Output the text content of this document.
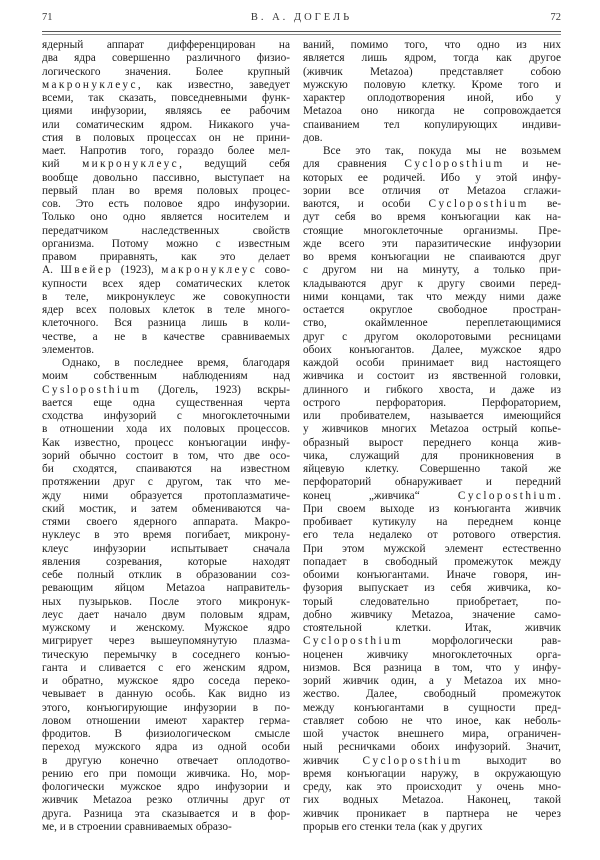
71	В. А. ДОГЕЛЬ	72
ядерный аппарат дифференцирован на
два ядра совершенно различного физио-
логического значения. Более крупный
макронуклеус, как известно, заведует
всеми, так сказать, повседневными функ-
циями инфузории, являясь ее рабочим
или соматическим ядром. Никакого уча-
стия в половых процессах он не прини-
мает. Напротив того, гораздо более мел-
кий микронуклеус, ведущий себя
вообще довольно пассивно, выступает на
первый план во время половых процес-
сов. Это есть половое ядро инфузории.
Только оно одно является носителем и
передатчиком наследственных свойств
организма. Потому можно с известным
правом приравнять, как это делает
А. Швейер (1923), макронуклеус сово-
купности всех ядер соматических клеток
в теле, микронуклеус же совокупности
ядер всех половых клеток в теле много-
клеточного. Вся разница лишь в коли-
честве, а не в качестве сравниваемых
элементов.
Однако, в последнее время, благодаря
моим собственным наблюдениям над
Cysloposthium (Догель, 1923) вскры-
вается еще одна существенная черта
сходства инфузорий с многоклеточными
в отношении хода их половых процессов.
Как известно, процесс конъюгации инфу-
зорий обычно состоит в том, что две осо-
би сходятся, спаиваются на известном
протяжении друг с другом, так что ме-
жду ними образуется протоплазматиче-
ский мостик, и затем обмениваются ча-
стями своего ядерного аппарата. Макро-
нуклеус в это время погибает, микрону-
клеус инфузории испытывает сначала
явления созревания, которые находят
себе полный отклик в образовании соз-
ревающим яйцом Metazoa направитель-
ных пузырьков. После этого микронук-
леус дает начало двум половым ядрам,
мужскому и женскому. Мужское ядро
мигрирует через вышеупомянутую плазма-
тическую перемычку в соседнего конъю-
ганта и сливается с его женским ядром,
и обратно, мужское ядро соседа переко-
чевывает в данную особь. Как видно из
этого, конъюгирующие инфузории в по-
ловом отношении имеют характер герма-
фродитов. В физиологическом смысле
переход мужского ядра из одной особи
в другую конечно отвечает оплодотво-
рению его при помощи живчика. Но, мор-
фологически мужское ядро инфузории и
живчик Metazoa резко отличны друг от
друга. Разница эта сказывается и в фор-
ме, и в строении сравниваемых образо-
ваний, помимо того, что одно из них
является лишь ядром, тогда как другое
(живчик Metazoa) представляет собою
мужскую половую клетку. Кроме того и
характер оплодотворения иной, ибо у
Metazoa оно никогда не сопровождается
спаиванием тел копулирующих индиви-
дов.
Все это так, покуда мы не возьмем
для сравнения Cycloposthium и не-
которых ее родичей. Ибо у этой инфу-
зории все отличия от Metazoa сглажи-
ваются, и особи Cycloposthium ве-
дут себя во время конъюгации как на-
стоящие многоклеточные организмы. Пре-
жде всего эти паразитические инфузории
во время конъюгации не спаиваются друг
с другом ни на минуту, а только при-
кладываются друг к другу своими перед-
ними концами, так что между ними даже
остается округлое свободное простран-
ство, окаймленное переплетающимися
друг с другом околоротовыми ресницами
обоих конъюгантов. Далее, мужское ядро
каждой особи принимает вид настоящего
живчика и состоит из явственной головки,
длинного и гибкого хвоста, и даже из
острого перфоратория. Перфораторием,
или пробивателем, называется имеющийся
у живчиков многих Metazoa острый копье-
образный вырост переднего конца жив-
чика, служащий для проникновения в
яйцевую клетку. Совершенно такой же
перфораторий обнаруживает и передний
конец „живчика“ Cycloposthium.
При своем выходе из конъюганта живчик
пробивает кутикулу на переднем конце
его тела недалеко от ротового отверстия.
При этом мужской элемент естественно
попадает в свободный промежуток между
обоими конъюгантами. Иначе говоря, ин-
фузория выпускает из себя живчика, ко-
торый следовательно приобретает, по-
добно живчику Metazoa, значение само-
стоятельной клетки. Итак, живчик
Cycloposthium морфологически рав-
ноценен живчику многоклеточных орга-
низмов. Вся разница в том, что у инфу-
зорий живчик один, а у Metazoa их мно-
жество. Далее, свободный промежуток
между конъюгантами в сущности пред-
ставляет собою не что иное, как неболь-
шой участок внешнего мира, ограничен-
ный ресничками обоих инфузорий. Значит,
живчик Cycloposthium выходит во
время конъюгации наружу, в окружающую
среду, как это происходит у очень мно-
гих водных Metazoa. Наконец, такой
живчик проникает в партнера не через
прорыв его стенки тела (как у других
